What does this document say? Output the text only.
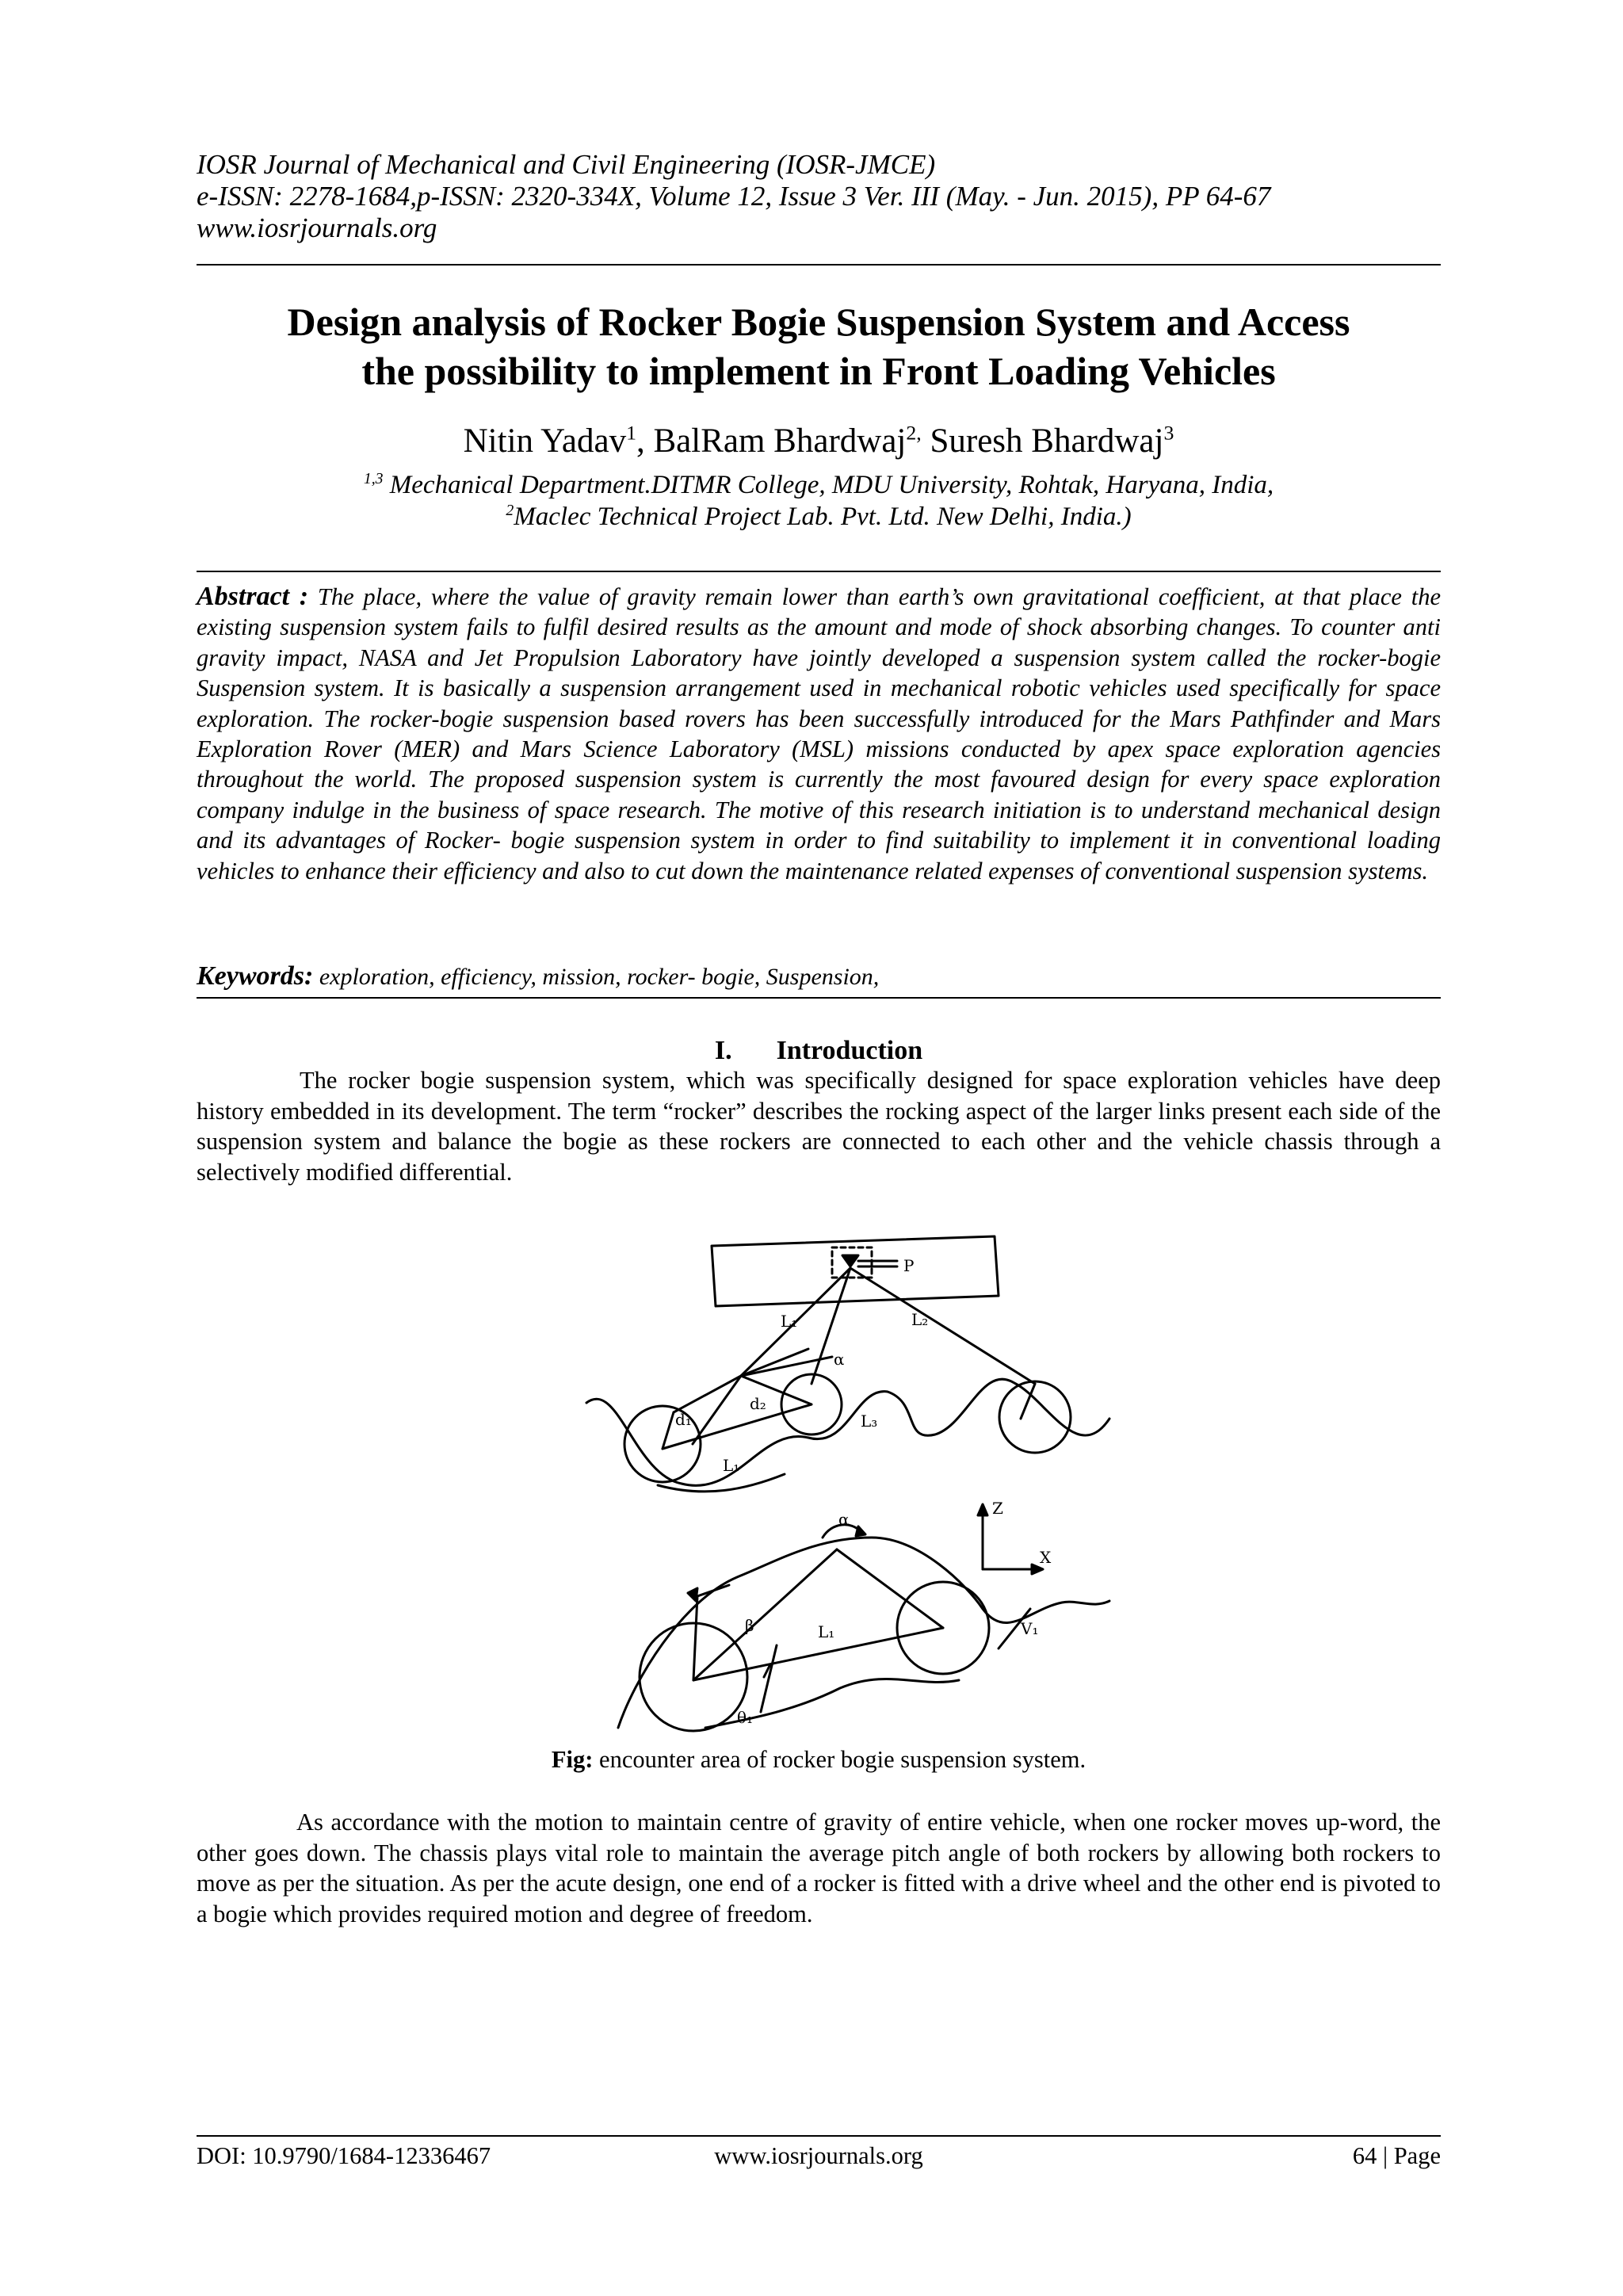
IOSR Journal of Mechanical and Civil Engineering (IOSR-JMCE)
e-ISSN: 2278-1684,p-ISSN: 2320-334X, Volume 12, Issue 3 Ver. III (May. - Jun. 2015), PP 64-67
www.iosrjournals.org
Design analysis of Rocker Bogie Suspension System and Access
the possibility to implement in Front Loading Vehicles
Nitin Yadav$^1$, BalRam Bhardwaj$^{2,}$ Suresh Bhardwaj$^3$
$^{1,3}$ Mechanical Department.DITMR College, MDU University, Rohtak, Haryana, India,
$^2$Maclec Technical Project Lab. Pvt. Ltd. New Delhi, India.)
Abstract : The place, where the value of gravity remain lower than earth’s own gravitational coefficient, at that place the existing suspension system fails to fulfil desired results as the amount and mode of shock absorbing changes. To counter anti gravity impact, NASA and Jet Propulsion Laboratory have jointly developed a suspension system called the rocker-bogie Suspension system. It is basically a suspension arrangement used in mechanical robotic vehicles used specifically for space exploration. The rocker-bogie suspension based rovers has been successfully introduced for the Mars Pathfinder and Mars Exploration Rover (MER) and Mars Science Laboratory (MSL) missions conducted by apex space exploration agencies throughout the world. The proposed suspension system is currently the most favoured design for every space exploration company indulge in the business of space research. The motive of this research initiation is to understand mechanical design and its advantages of Rocker- bogie suspension system in order to find suitability to implement it in conventional loading vehicles to enhance their efficiency and also to cut down the maintenance related expenses of conventional suspension systems.
Keywords: exploration, efficiency, mission, rocker- bogie, Suspension,
I. Introduction
The rocker bogie suspension system, which was specifically designed for space exploration vehicles have deep history embedded in its development. The term “rocker” describes the rocking aspect of the larger links present each side of the suspension system and balance the bogie as these rockers are connected to each other and the vehicle chassis through a selectively modified differential.
P
L₁	L₂
α
d₁
d₂
L₃
L₁
α
Z
X
β	L₁	V₁
θ₁
Fig: encounter area of rocker bogie suspension system.
As accordance with the motion to maintain centre of gravity of entire vehicle, when one rocker moves up-word, the other goes down. The chassis plays vital role to maintain the average pitch angle of both rockers by allowing both rockers to move as per the situation. As per the acute design, one end of a rocker is fitted with a drive wheel and the other end is pivoted to a bogie which provides required motion and degree of freedom.
DOI: 10.9790/1684-12336467	www.iosrjournals.org	64 | Page
